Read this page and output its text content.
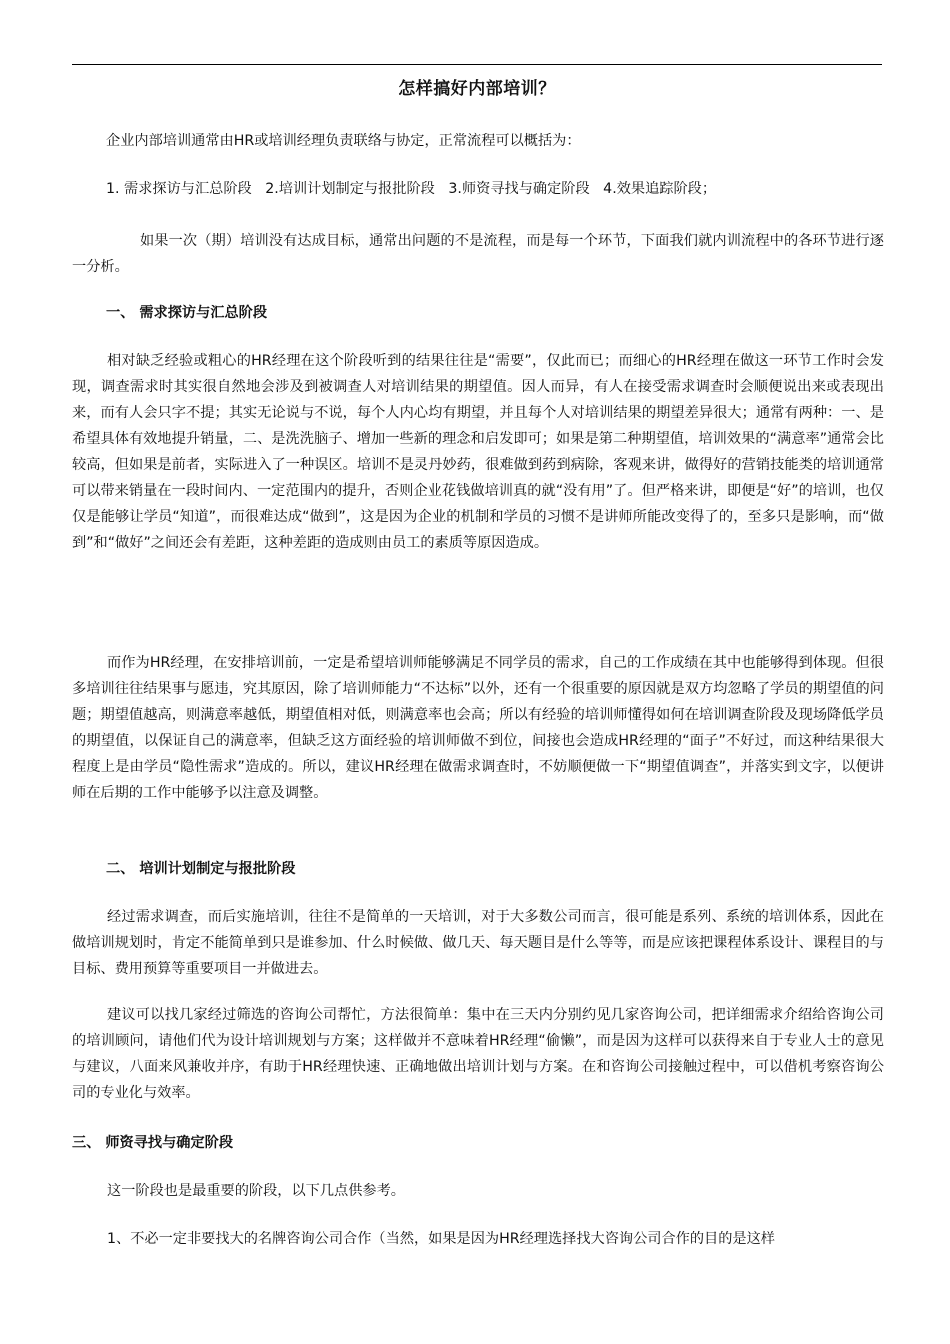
怎样搞好内部培训？

企业内部培训通常由HR或培训经理负责联络与协定，正常流程可以概括为：

1. 需求探访与汇总阶段 2.培训计划制定与报批阶段 3.师资寻找与确定阶段 4.效果追踪阶段；

如果一次（期）培训没有达成目标，通常出问题的不是流程，而是每一个环节，下面我们就内训流程中的各环节进行逐一分析。

一、 需求探访与汇总阶段

相对缺乏经验或粗心的HR经理在这个阶段听到的结果往往是“需要”，仅此而已；而细心的HR经理在做这一环节工作时会发现，调查需求时其实很自然地会涉及到被调查人对培训结果的期望值。因人而异，有人在接受需求调查时会顺便说出来或表现出来，而有人会只字不提；其实无论说与不说，每个人内心均有期望，并且每个人对培训结果的期望差异很大；通常有两种：一、是希望具体有效地提升销量，二、是洗洗脑子、增加一些新的理念和启发即可；如果是第二种期望值，培训效果的“满意率”通常会比较高，但如果是前者，实际进入了一种误区。培训不是灵丹妙药，很难做到药到病除，客观来讲，做得好的营销技能类的培训通常可以带来销量在一段时间内、一定范围内的提升，否则企业花钱做培训真的就“没有用”了。但严格来讲，即便是“好”的培训，也仅仅是能够让学员“知道”，而很难达成“做到”，这是因为企业的机制和学员的习惯不是讲师所能改变得了的，至多只是影响，而“做到”和“做好”之间还会有差距，这种差距的造成则由员工的素质等原因造成。

而作为HR经理，在安排培训前，一定是希望培训师能够满足不同学员的需求，自己的工作成绩在其中也能够得到体现。但很多培训往往结果事与愿违，究其原因，除了培训师能力“不达标”以外，还有一个很重要的原因就是双方均忽略了学员的期望值的问题；期望值越高，则满意率越低，期望值相对低，则满意率也会高；所以有经验的培训师懂得如何在培训调查阶段及现场降低学员的期望值，以保证自己的满意率，但缺乏这方面经验的培训师做不到位，间接也会造成HR经理的“面子”不好过，而这种结果很大程度上是由学员“隐性需求”造成的。所以，建议HR经理在做需求调查时，不妨顺便做一下“期望值调查”，并落实到文字，以便讲师在后期的工作中能够予以注意及调整。

二、 培训计划制定与报批阶段

经过需求调查，而后实施培训，往往不是简单的一天培训，对于大多数公司而言，很可能是系列、系统的培训体系，因此在做培训规划时，肯定不能简单到只是谁参加、什么时候做、做几天、每天题目是什么等等，而是应该把课程体系设计、课程目的与目标、费用预算等重要项目一并做进去。

建议可以找几家经过筛选的咨询公司帮忙，方法很简单：集中在三天内分别约见几家咨询公司，把详细需求介绍给咨询公司的培训顾问，请他们代为设计培训规划与方案；这样做并不意味着HR经理“偷懒”，而是因为这样可以获得来自于专业人士的意见与建议，八面来风兼收并序，有助于HR经理快速、正确地做出培训计划与方案。在和咨询公司接触过程中，可以借机考察咨询公司的专业化与效率。

三、 师资寻找与确定阶段

这一阶段也是最重要的阶段，以下几点供参考。

1、不必一定非要找大的名牌咨询公司合作（当然，如果是因为HR经理选择找大咨询公司合作的目的是这样
